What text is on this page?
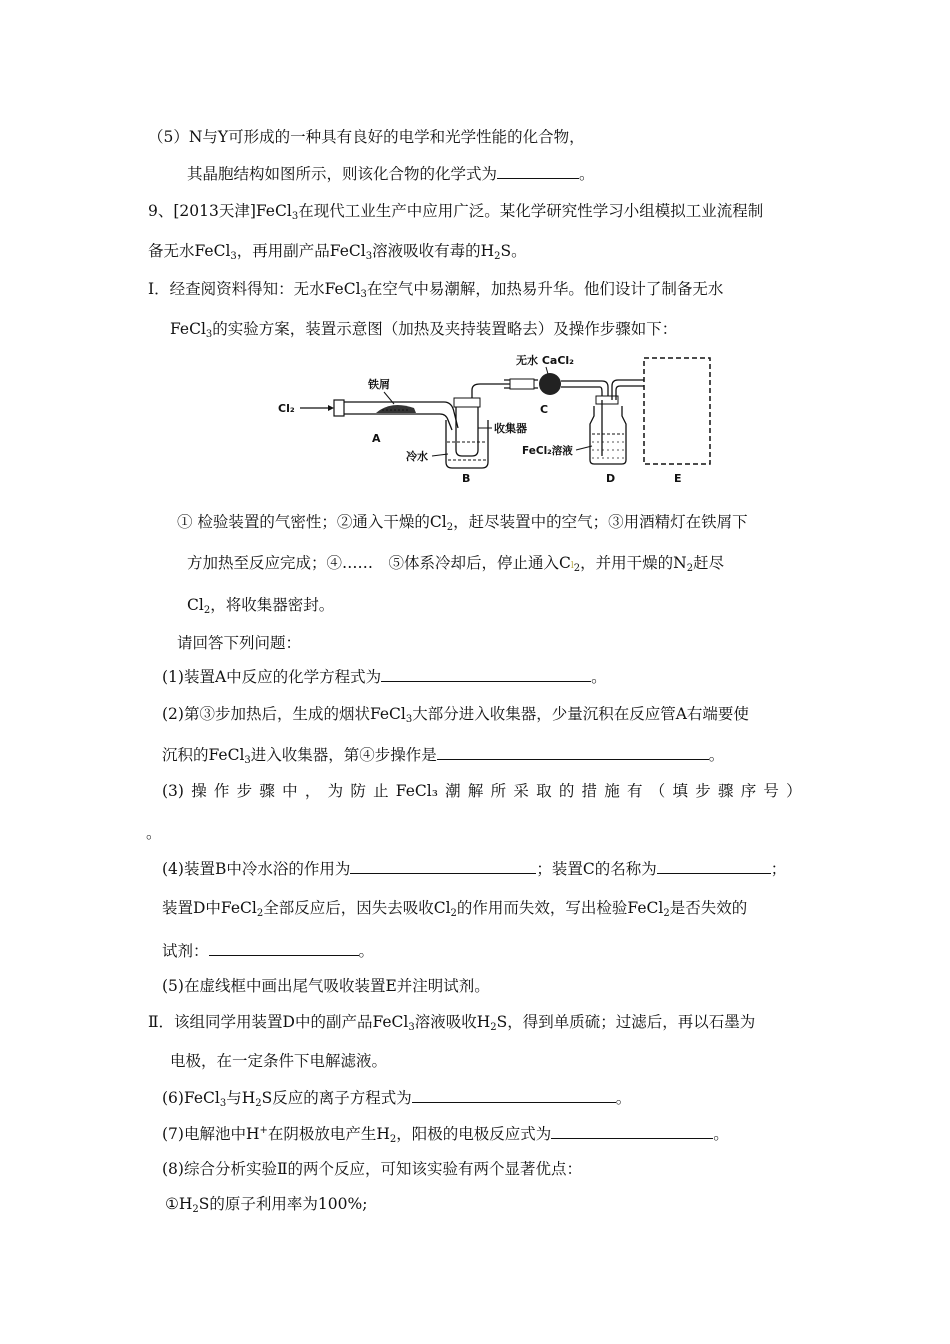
（5）N与Y可形成的一种具有良好的电学和光学性能的化合物，
其晶胞结构如图所示，则该化合物的化学式为	。
9、[2013天津]FeCl$_3$在现代工业生产中应用广泛。某化学研究性学习小组模拟工业流程制
备无水FeCl$_3$，再用副产品FeCl$_3$溶液吸收有毒的$H_2S$。
Ⅰ．经查阅资料得知：无水FeCl$_3$在空气中易潮解，加热易升华。他们设计了制备无水
FeCl$_3$的实验方案，装置示意图（加热及夹持装置略去）及操作步骤如下：
Cl₂
铁屑
A
收集器
冷水
B
无水 CaCl₂
C
FeCl₂溶液
D	E
① 检验装置的气密性；②通入干燥的$Cl_2$，赶尽装置中的空气；③用酒精灯在铁屑下
方加热至反应完成；④……　⑤体系冷却后，停止通入$Cl_2$，并用干燥的$N_2$赶尽
$Cl_2$，将收集器密封。
请回答下列问题：
(1)装置A中反应的化学方程式为	。
(2)第③步加热后，生成的烟状FeCl$_3$大部分进入收集器，少量沉积在反应管A右端要使
沉积的FeCl$_3$进入收集器，第④步操作是	。
(3) 操 作 步 骤 中 ， 为 防 止 FeCl₃ 潮 解 所 采 取 的 措 施 有 （ 填 步 骤 序 号 ）
。
(4)装置B中冷水浴的作用为	；装置C的名称为	；
装置D中FeCl$_2$全部反应后，因失去吸收$Cl_2$的作用而失效，写出检验FeCl$_2$是否失效的
试剂：	。
(5)在虚线框中画出尾气吸收装置E并注明试剂。
Ⅱ．该组同学用装置D中的副产品FeCl$_3$溶液吸收$H_2S$，得到单质硫；过滤后，再以石墨为
电极，在一定条件下电解滤液。
(6)FeCl$_3$与$H_2S$反应的离子方程式为	。
(7)电解池中H+在阴极放电产生$H_2$，阳极的电极反应式为	。
(8)综合分析实验Ⅱ的两个反应，可知该实验有两个显著优点：
$①H_2S$的原子利用率为100%;
